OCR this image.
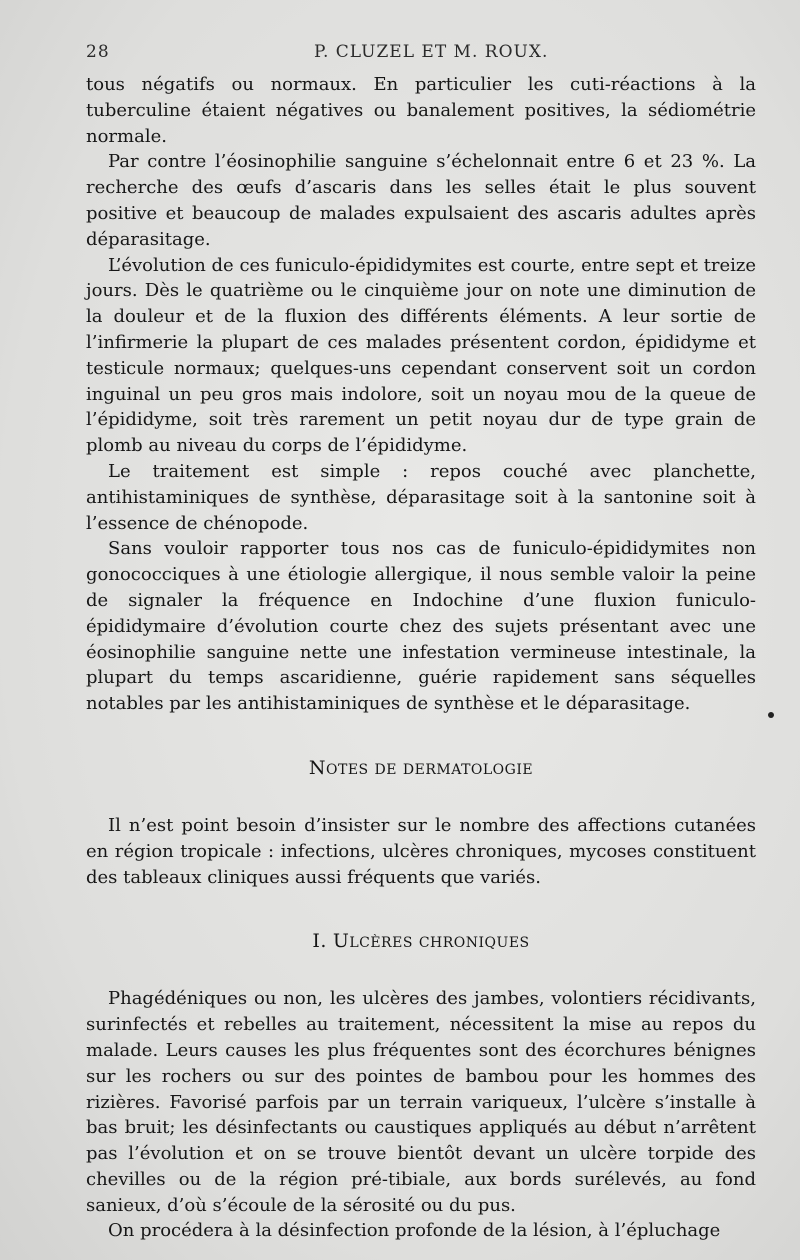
28	P. CLUZEL ET M. ROUX.

tous négatifs ou normaux. En particulier les cuti-réactions à la tuberculine étaient négatives ou banalement positives, la sédiométrie normale.

Par contre l’éosinophilie sanguine s’échelonnait entre 6 et 23 %. La recherche des œufs d’ascaris dans les selles était le plus souvent positive et beaucoup de malades expulsaient des ascaris adultes après déparasitage.

L’évolution de ces funiculo-épididymites est courte, entre sept et treize jours. Dès le quatrième ou le cinquième jour on note une diminution de la douleur et de la fluxion des différents éléments. A leur sortie de l’infirmerie la plupart de ces malades présentent cordon, épididyme et testicule normaux; quelques-uns cependant conservent soit un cordon inguinal un peu gros mais indolore, soit un noyau mou de la queue de l’épididyme, soit très rarement un petit noyau dur de type grain de plomb au niveau du corps de l’épididyme.

Le traitement est simple : repos couché avec planchette, antihistaminiques de synthèse, déparasitage soit à la santonine soit à l’essence de chénopode.

Sans vouloir rapporter tous nos cas de funiculo-épididymites non gonococciques à une étiologie allergique, il nous semble valoir la peine de signaler la fréquence en Indochine d’une fluxion funiculo-épididymaire d’évolution courte chez des sujets présentant avec une éosinophilie sanguine nette une infestation vermineuse intestinale, la plupart du temps ascaridienne, guérie rapidement sans séquelles notables par les antihistaminiques de synthèse et le déparasitage.

NOTES DE DERMATOLOGIE

Il n’est point besoin d’insister sur le nombre des affections cutanées en région tropicale : infections, ulcères chroniques, mycoses constituent des tableaux cliniques aussi fréquents que variés.

I. ULCÈRES CHRONIQUES

Phagédéniques ou non, les ulcères des jambes, volontiers récidivants, surinfectés et rebelles au traitement, nécessitent la mise au repos du malade. Leurs causes les plus fréquentes sont des écorchures bénignes sur les rochers ou sur des pointes de bambou pour les hommes des rizières. Favorisé parfois par un terrain variqueux, l’ulcère s’installe à bas bruit; les désinfectants ou caustiques appliqués au début n’arrêtent pas l’évolution et on se trouve bientôt devant un ulcère torpide des chevilles ou de la région pré-tibiale, aux bords surélevés, au fond sanieux, d’où s’écoule de la sérosité ou du pus.

On procédera à la désinfection profonde de la lésion, à l’épluchage
